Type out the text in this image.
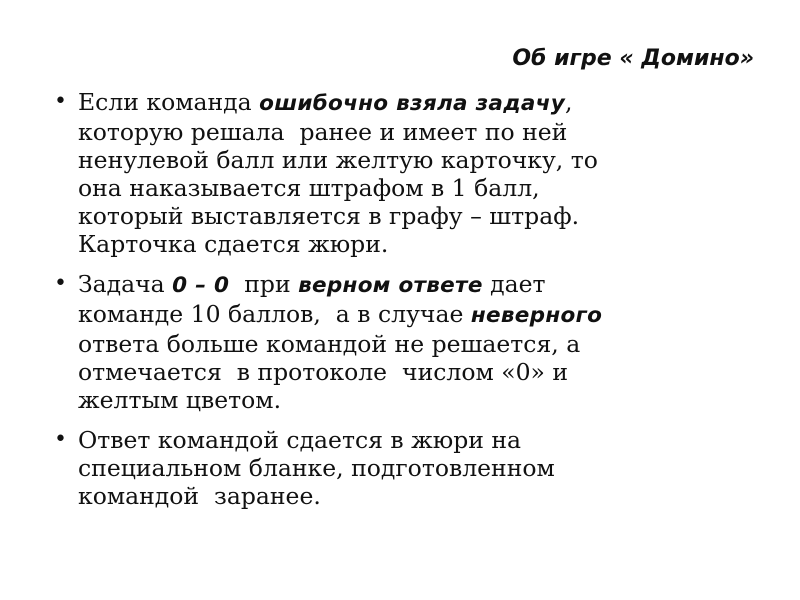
Об игре « Домино»
• Если команда ошибочно взяла задачу,
которую решала  ранее и имеет по ней
ненулевой балл или желтую карточку, то
она наказывается штрафом в 1 балл,
который выставляется в графу – штраф.
Карточка сдается жюри.
• Задача 0 – 0  при верном ответе дает
команде 10 баллов,  а в случае неверного
ответа больше командой не решается, а
отмечается  в протоколе  числом «0» и
желтым цветом.
• Ответ командой сдается в жюри на
специальном бланке, подготовленном
командой  заранее.
